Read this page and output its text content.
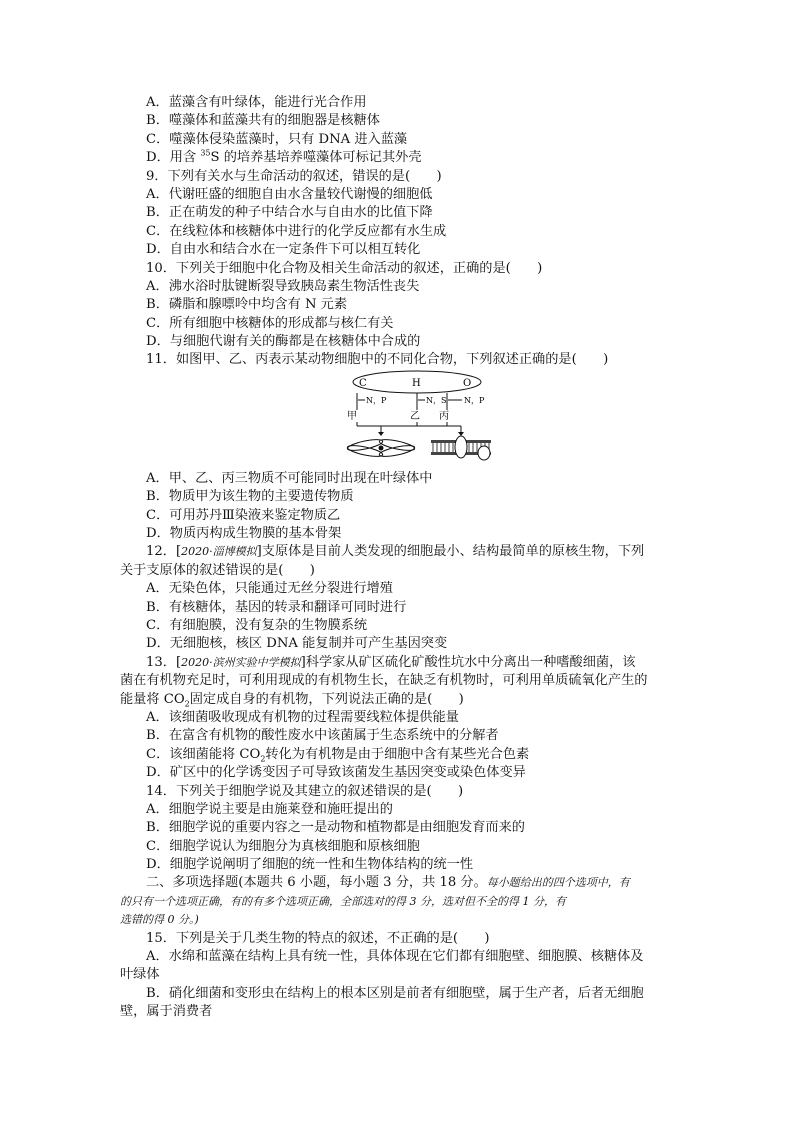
A．蓝藻含有叶绿体，能进行光合作用
B．噬藻体和蓝藻共有的细胞器是核糖体
C．噬藻体侵染蓝藻时，只有 DNA 进入蓝藻
D．用含 $^{35}$S 的培养基培养噬藻体可标记其外壳
9．下列有关水与生命活动的叙述，错误的是(　　)
A．代谢旺盛的细胞自由水含量较代谢慢的细胞低
B．正在萌发的种子中结合水与自由水的比值下降
C．在线粒体和核糖体中进行的化学反应都有水生成
D．自由水和结合水在一定条件下可以相互转化
10．下列关于细胞中化合物及相关生命活动的叙述，正确的是(　　)
A．沸水浴时肽键断裂导致胰岛素生物活性丧失
B．磷脂和腺嘌呤中均含有 N 元素
C．所有细胞中核糖体的形成都与核仁有关
D．与细胞代谢有关的酶都是在核糖体中合成的
11．如图甲、乙、丙表示某动物细胞中的不同化合物，下列叙述正确的是(　　)
C	H	O
N，P	N，S N，P
甲	乙 丙
A．甲、乙、丙三物质不可能同时出现在叶绿体中
B．物质甲为该生物的主要遗传物质
C．可用苏丹Ⅲ染液来鉴定物质乙
D．物质丙构成生物膜的基本骨架
12．[2020·淄博模拟]支原体是目前人类发现的细胞最小、结构最简单的原核生物，下列
关于支原体的叙述错误的是(　　)
A．无染色体，只能通过无丝分裂进行增殖
B．有核糖体，基因的转录和翻译可同时进行
C．有细胞膜，没有复杂的生物膜系统
D．无细胞核，核区 DNA 能复制并可产生基因突变
13．[2020·滨州实验中学模拟]科学家从矿区硫化矿酸性坑水中分离出一种嗜酸细菌，该
菌在有机物充足时，可利用现成的有机物生长，在缺乏有机物时，可利用单质硫氧化产生的
能量将 $CO_2$固定成自身的有机物，下列说法正确的是(　　)
A．该细菌吸收现成有机物的过程需要线粒体提供能量
B．在富含有机物的酸性废水中该菌属于生态系统中的分解者
C．该细菌能将 $CO_2$转化为有机物是由于细胞中含有某些光合色素
D．矿区中的化学诱变因子可导致该菌发生基因突变或染色体变异
14．下列关于细胞学说及其建立的叙述错误的是(　　)
A．细胞学说主要是由施莱登和施旺提出的
B．细胞学说的重要内容之一是动物和植物都是由细胞发育而来的
C．细胞学说认为细胞分为真核细胞和原核细胞
D．细胞学说阐明了细胞的统一性和生物体结构的统一性
二、多项选择题(本题共 6 小题，每小题 3 分，共 18 分。每小题给出的四个选项中，有
的只有一个选项正确，有的有多个选项正确，全部选对的得 3 分，选对但不全的得 1 分，有
选错的得 0 分。)
15．下列是关于几类生物的特点的叙述，不正确的是(　　)
A．水绵和蓝藻在结构上具有统一性，具体体现在它们都有细胞壁、细胞膜、核糖体及
叶绿体
B．硝化细菌和变形虫在结构上的根本区别是前者有细胞壁，属于生产者，后者无细胞
壁，属于消费者
